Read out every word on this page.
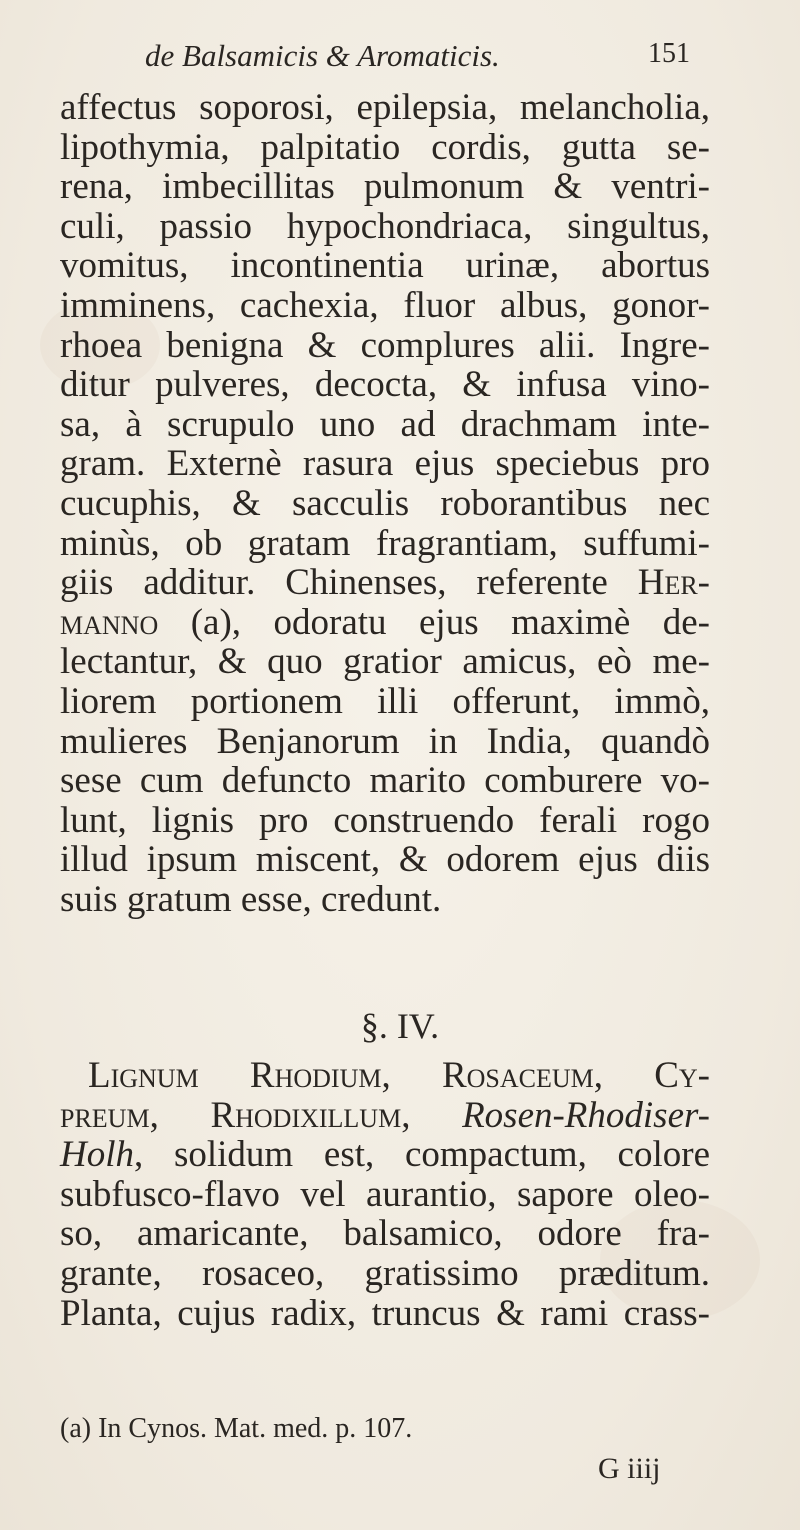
de Balsamicis & Aromaticis.	151
affectus soporosi, epilepsia, melancholia,
lipothymia, palpitatio cordis, gutta se-
rena, imbecillitas pulmonum & ventri-
culi, passio hypochondriaca, singultus,
vomitus, incontinentia urinæ, abortus
imminens, cachexia, fluor albus, gonor-
rhoea benigna & complures alii. Ingre-
ditur pulveres, decocta, & infusa vino-
sa, à scrupulo uno ad drachmam inte-
gram. Externè rasura ejus speciebus pro
cucuphis, & sacculis roborantibus nec
minùs, ob gratam fragrantiam, suffumi-
giis additur. Chinenses, referente Her-
manno (a), odoratu ejus maximè de-
lectantur, & quo gratior amicus, eò me-
liorem portionem illi offerunt, immò,
mulieres Benjanorum in India, quandò
sese cum defuncto marito comburere vo-
lunt, lignis pro construendo ferali rogo
illud ipsum miscent, & odorem ejus diis
suis gratum esse, credunt.
§. IV.
Lignum Rhodium, Rosaceum, Cy-
preum, Rhodixillum, Rosen-Rhodiser-
Holh, solidum est, compactum, colore
subfusco-flavo vel aurantio, sapore oleo-
so, amaricante, balsamico, odore fra-
grante, rosaceo, gratissimo præditum.
Planta, cujus radix, truncus & rami crass-
(a) In Cynos. Mat. med. p. 107.
G iiij
